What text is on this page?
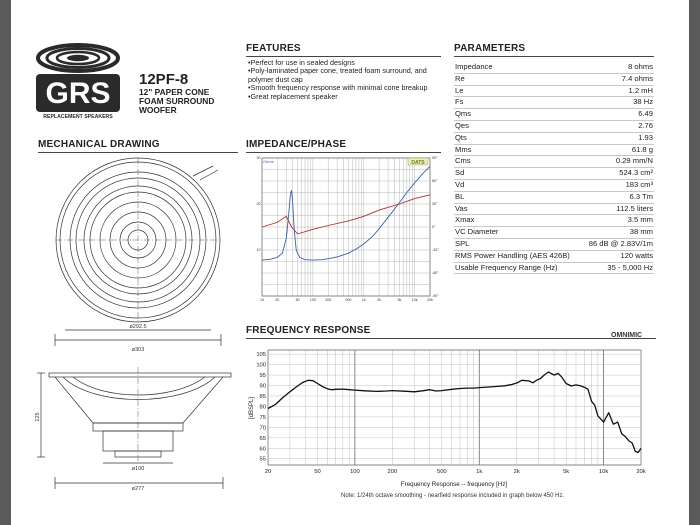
GRS
REPLACEMENT SPEAKERS
12PF-8
12" PAPER CONE
FOAM SURROUND
WOOFER
FEATURES
• Perfect for use in sealed designs
• Poly-laminated paper cone, treated foam surround, and polymer dust cap
• Smooth frequency response with minimal cone breakup
• Great replacement speaker
PARAMETERS
Impedance	8 ohms
Re	7.4 ohms
Le	1.2 mH
Fs	38 Hz
Qms	6.49
Qes	2.76
Qts	1.93
Mms	61.8 g
Cms	0.29 mm/N
Sd	524.3 cm²
Vd	183 cm³
BL	6.3 Tm
Vas	112.5 liters
Xmax	3.5 mm
VC Diameter	38 mm
SPL	86 dB @ 2.83V/1m
RMS Power Handling (AES 426B)	120 watts
Usable Frequency Range (Hz)	35 - 5,000 Hz
MECHANICAL DRAWING
ø292.5
ø303
125
ø100
ø277
IMPEDANCE/PHASE
10	20	50	100	200	500	1k	2k	5k	10k	20k
30
20
10
90°
60°
30°
0°
-30°
-60°
-90°
Ohms	DATS
FREQUENCY RESPONSE	OMNIMIC
105
100
95
90
85
80
75
70
65
60
55
20	50	100	200	500	1k	2k	5k	10k	20k
[dBSPL]
Frequency Response -- frequency [Hz]
Note: 1/24th octave smoothing - nearfield response included in graph below 450 Hz.
